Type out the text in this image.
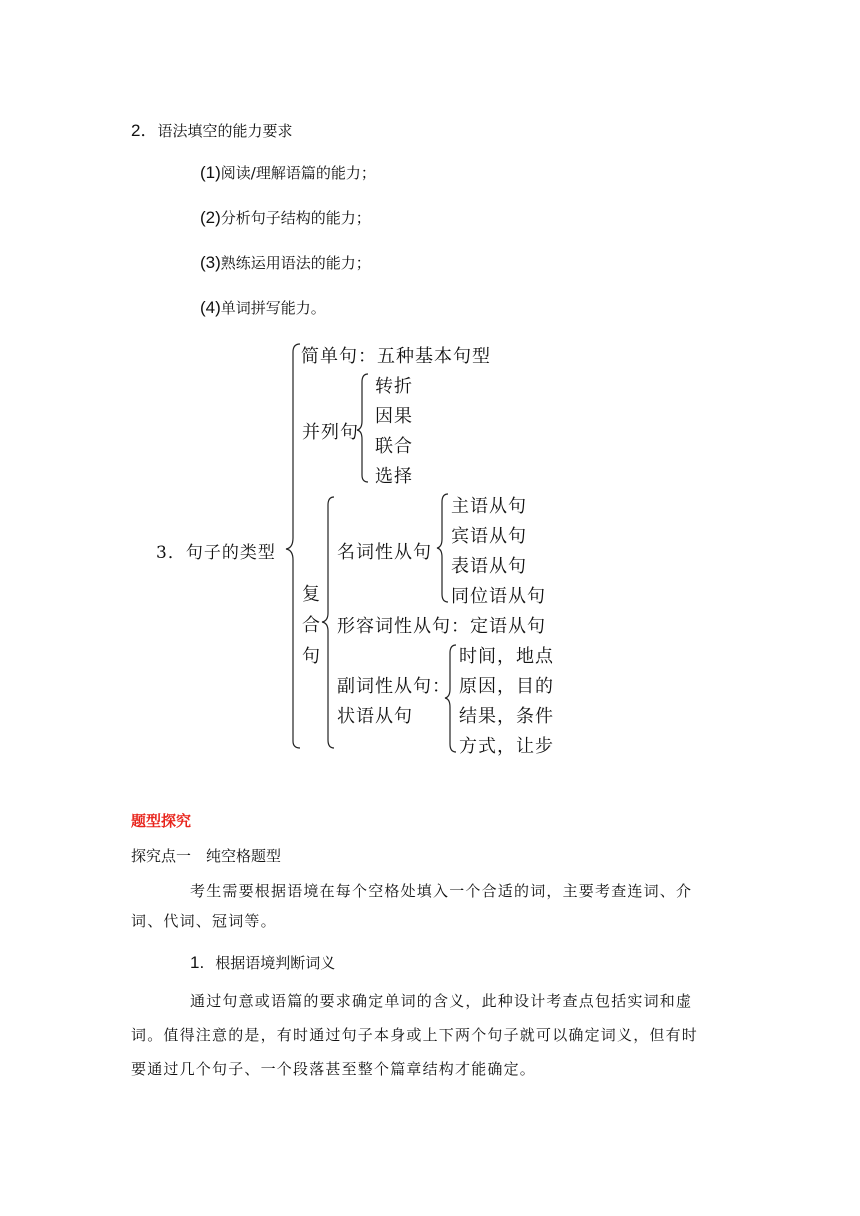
2．语法填空的能力要求
(1)阅读/理解语篇的能力；
(2)分析句子结构的能力；
(3)熟练运用语法的能力；
(4)单词拼写能力。
3．句子的类型
简单句：五种基本句型
并列句
转折
因果
联合
选择
复
合
句
名词性从句
主语从句
宾语从句
表语从句
同位语从句
形容词性从句：定语从句
副词性从句：
状语从句
时间，地点
原因，目的
结果，条件
方式，让步
题型探究
探究点一　纯空格题型
考生需要根据语境在每个空格处填入一个合适的词，主要考查连词、介
词、代词、冠词等。
1. 根据语境判断词义
通过句意或语篇的要求确定单词的含义，此种设计考查点包括实词和虚
词。值得注意的是，有时通过句子本身或上下两个句子就可以确定词义，但有时
要通过几个句子、一个段落甚至整个篇章结构才能确定。
